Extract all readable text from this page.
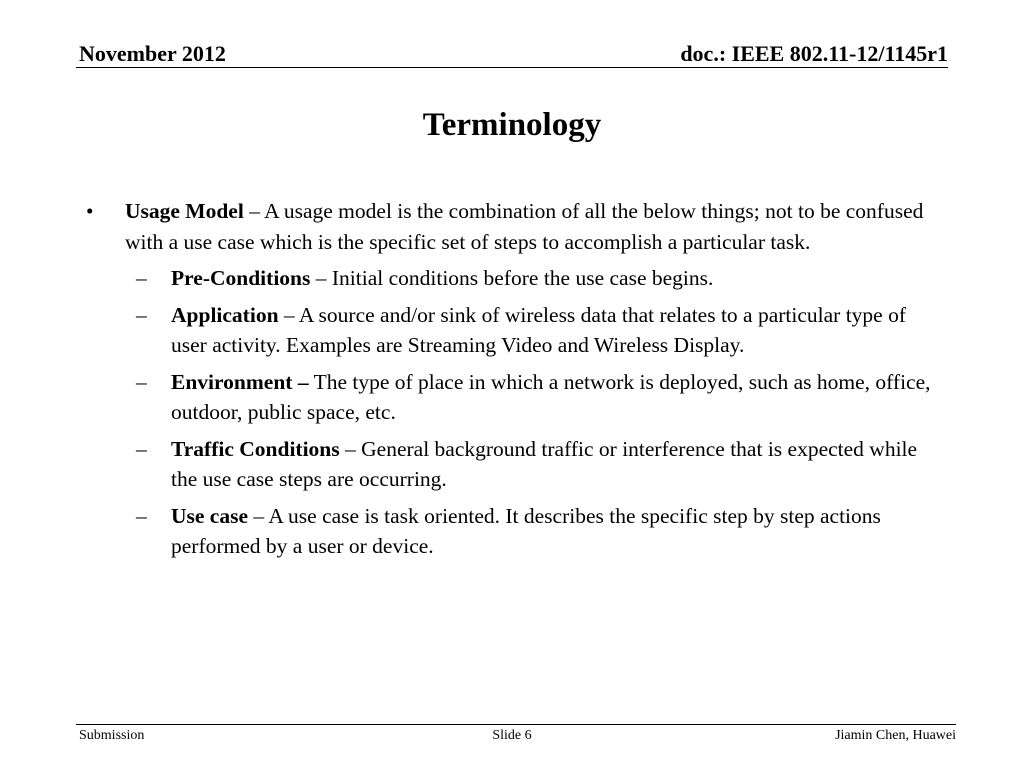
November 2012	doc.: IEEE 802.11-12/1145r1
Terminology
• Usage Model – A usage model is the combination of all the below things; not to be confused with a use case which is the specific set of steps to accomplish a particular task.
– Pre-Conditions – Initial conditions before the use case begins.
– Application – A source and/or sink of wireless data that relates to a particular type of user activity. Examples are Streaming Video and Wireless Display.
– Environment – The type of place in which a network is deployed, such as home, office, outdoor, public space, etc.
– Traffic Conditions – General background traffic or interference that is expected while the use case steps are occurring.
– Use case – A use case is task oriented. It describes the specific step by step actions performed by a user or device.
Submission	Slide 6	Jiamin Chen, Huawei
